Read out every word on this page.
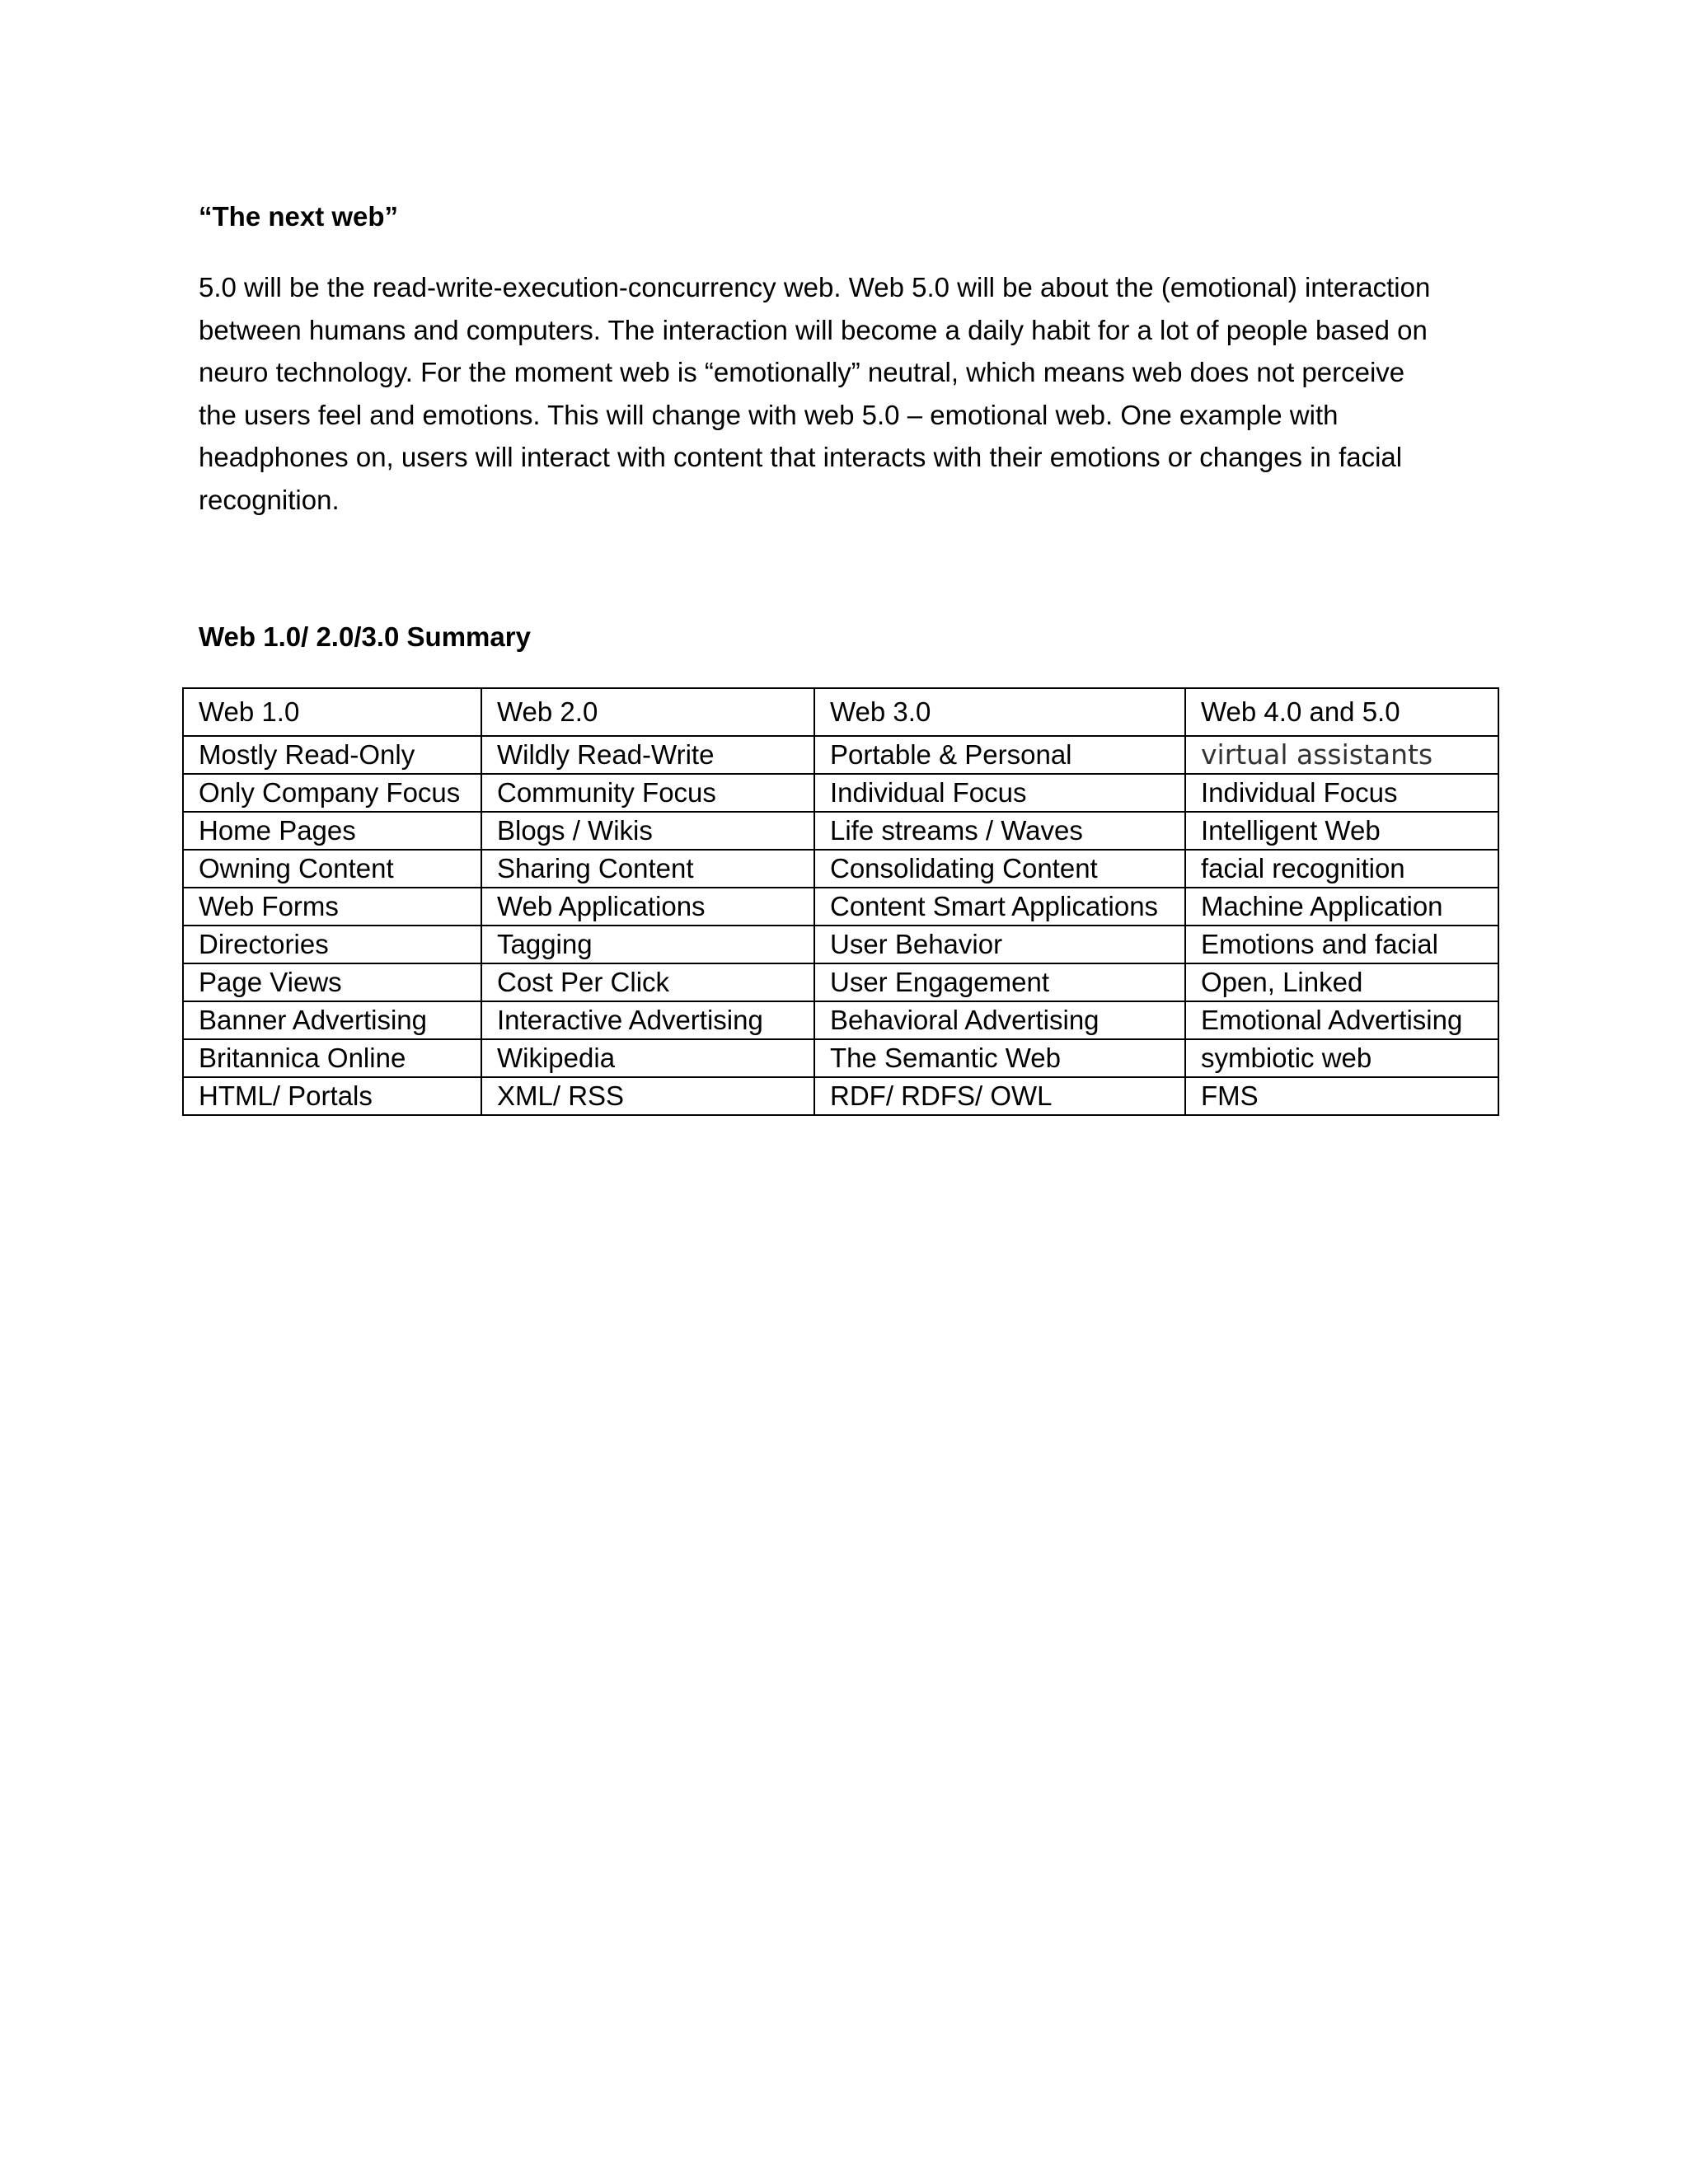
“The next web”
5.0 will be the read-write-execution-concurrency web. Web 5.0 will be about the (emotional) interaction
between humans and computers. The interaction will become a daily habit for a lot of people based on
neuro technology. For the moment web is “emotionally” neutral, which means web does not perceive
the users feel and emotions. This will change with web 5.0 – emotional web. One example with
headphones on, users will interact with content that interacts with their emotions or changes in facial
recognition.
Web 1.0/ 2.0/3.0 Summary
Web 1.0	Web 2.0	Web 3.0	Web 4.0 and 5.0
Mostly Read-Only	Wildly Read-Write	Portable & Personal	virtual assistants
Only Company Focus	Community Focus	Individual Focus	Individual Focus
Home Pages	Blogs / Wikis	Life streams / Waves	Intelligent Web
Owning Content	Sharing Content	Consolidating Content	facial recognition
Web Forms	Web Applications	Content Smart Applications	Machine Application
Directories	Tagging	User Behavior	Emotions and facial
Page Views	Cost Per Click	User Engagement	Open, Linked
Banner Advertising	Interactive Advertising	Behavioral Advertising	Emotional Advertising
Britannica Online	Wikipedia	The Semantic Web	symbiotic web
HTML/ Portals	XML/ RSS	RDF/ RDFS/ OWL	FMS
